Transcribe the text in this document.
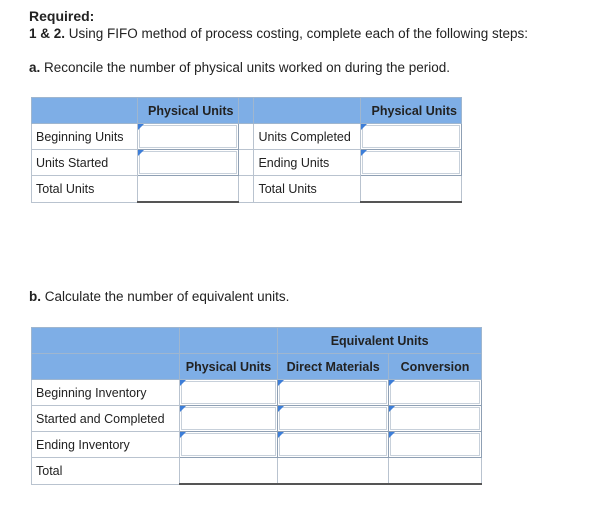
Required:
1 & 2. Using FIFO method of process costing, complete each of the following steps:
a. Reconcile the number of physical units worked on during the period.
	Physical Units			Physical Units
Beginning Units			Units Completed	

Units Started			Ending Units	

Total Units			Total Units	
b. Calculate the number of equivalent units.
		Equivalent Units	
	Physical Units	Direct Materials	Conversion
Beginning Inventory	

Started and Completed	

Ending Inventory	

Total			
